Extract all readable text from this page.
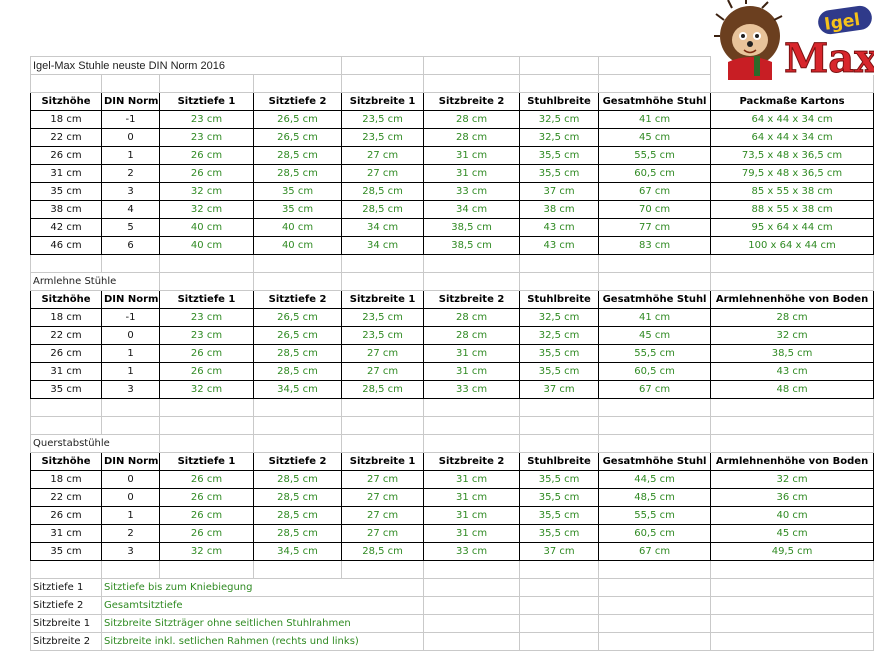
Max
Igel
Igel-Max Stuhle neuste DIN Norm 2016								

Sitzhöhe	DIN Norm	Sitztiefe 1	Sitztiefe 2	Sitzbreite 1	Sitzbreite 2	Stuhlbreite	Gesatmhöhe Stuhl	Packmaße Kartons
18 cm	-1	23 cm	26,5 cm	23,5 cm	28 cm	32,5 cm	41 cm	64 x 44 x 34 cm
22 cm	0	23 cm	26,5 cm	23,5 cm	28 cm	32,5 cm	45 cm	64 x 44 x 34 cm
26 cm	1	26 cm	28,5 cm	27 cm	31 cm	35,5 cm	55,5 cm	73,5 x 48 x 36,5 cm
31 cm	2	26 cm	28,5 cm	27 cm	31 cm	35,5 cm	60,5 cm	79,5 x 48 x 36,5 cm
35 cm	3	32 cm	35 cm	28,5 cm	33 cm	37 cm	67 cm	85 x 55 x 38 cm
38 cm	4	32 cm	35 cm	28,5 cm	34 cm	38 cm	70 cm	88 x 55 x 38 cm
42 cm	5	40 cm	40 cm	34 cm	38,5 cm	43 cm	77 cm	95 x 64 x 44 cm
46 cm	6	40 cm	40 cm	34 cm	38,5 cm	43 cm	83 cm	100 x 64 x 44 cm

Armlehne Stühle								
Sitzhöhe	DIN Norm	Sitztiefe 1	Sitztiefe 2	Sitzbreite 1	Sitzbreite 2	Stuhlbreite	Gesatmhöhe Stuhl	Armlehnenhöhe von Boden
18 cm	-1	23 cm	26,5 cm	23,5 cm	28 cm	32,5 cm	41 cm	28 cm
22 cm	0	23 cm	26,5 cm	23,5 cm	28 cm	32,5 cm	45 cm	32 cm
26 cm	1	26 cm	28,5 cm	27 cm	31 cm	35,5 cm	55,5 cm	38,5 cm
31 cm	1	26 cm	28,5 cm	27 cm	31 cm	35,5 cm	60,5 cm	43 cm
35 cm	3	32 cm	34,5 cm	28,5 cm	33 cm	37 cm	67 cm	48 cm

Querstabstühle								
Sitzhöhe	DIN Norm	Sitztiefe 1	Sitztiefe 2	Sitzbreite 1	Sitzbreite 2	Stuhlbreite	Gesatmhöhe Stuhl	Armlehnenhöhe von Boden
18 cm	0	26 cm	28,5 cm	27 cm	31 cm	35,5 cm	44,5 cm	32 cm
22 cm	0	26 cm	28,5 cm	27 cm	31 cm	35,5 cm	48,5 cm	36 cm
26 cm	1	26 cm	28,5 cm	27 cm	31 cm	35,5 cm	55,5 cm	40 cm
31 cm	2	26 cm	28,5 cm	27 cm	31 cm	35,5 cm	60,5 cm	45 cm
35 cm	3	32 cm	34,5 cm	28,5 cm	33 cm	37 cm	67 cm	49,5 cm

Sitztiefe 1	Sitztiefe bis zum Kniebiegung							
Sitztiefe 2	Gesamtsitztiefe							
Sitzbreite 1	Sitzbreite Sitzträger ohne seitlichen Stuhlrahmen							
Sitzbreite 2	Sitzbreite inkl. setlichen Rahmen (rechts und links)							
